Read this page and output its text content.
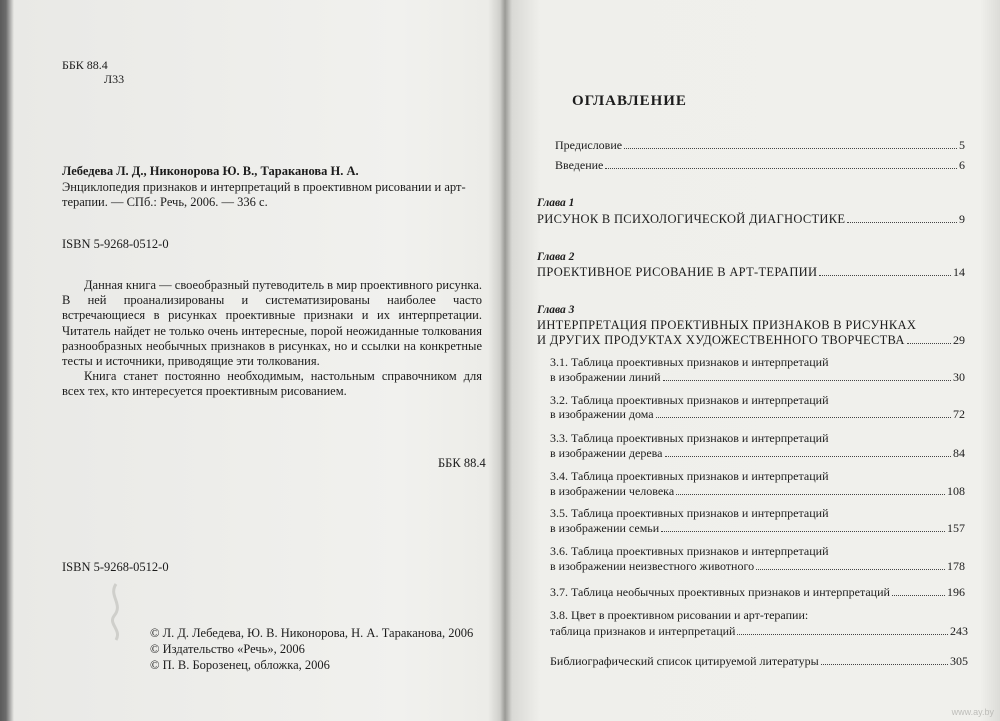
ББК 88.4
Л33
Лебедева Л. Д., Никонорова Ю. В., Тараканова Н. А.
Энциклопедия признаков и интерпретаций в проективном рисовании и арт-терапии. — СПб.: Речь, 2006. — 336 с.
ISBN 5-9268-0512-0

Данная книга — своеобразный путеводитель в мир проективного рисунка. В ней проанализированы и систематизированы наиболее часто встречающиеся в рисунках проективные признаки и их интерпретации. Читатель найдет не только очень интересные, порой неожиданные толкования разнообразных необычных признаков в рисунках, но и ссылки на конкретные тесты и источники, приводящие эти толкования.

Книга станет постоянно необходимым, настольным справочником для всех тех, кто интересуется проективным рисованием.

ББК 88.4
ISBN 5-9268-0512-0
© Л. Д. Лебедева, Ю. В. Никонорова, Н. А. Тараканова, 2006
© Издательство «Речь», 2006
© П. В. Борозенец, обложка, 2006
ОГЛАВЛЕНИЕ
Предисловие	5
Введение	6
Глава 1
РИСУНОК В ПСИХОЛОГИЧЕСКОЙ ДИАГНОСТИКЕ	9
Глава 2
ПРОЕКТИВНОЕ РИСОВАНИЕ В АРТ-ТЕРАПИИ	14
Глава 3
ИНТЕРПРЕТАЦИЯ ПРОЕКТИВНЫХ ПРИЗНАКОВ В РИСУНКАХ
И ДРУГИХ ПРОДУКТАХ ХУДОЖЕСТВЕННОГО ТВОРЧЕСТВА	29
3.1. Таблица проективных признаков и интерпретаций
в изображении линий	30
3.2. Таблица проективных признаков и интерпретаций
в изображении дома	72
3.3. Таблица проективных признаков и интерпретаций
в изображении дерева	84
3.4. Таблица проективных признаков и интерпретаций
в изображении человека	108
3.5. Таблица проективных признаков и интерпретаций
в изображении семьи	157
3.6. Таблица проективных признаков и интерпретаций
в изображении неизвестного животного	178
3.7. Таблица необычных проективных признаков и интерпретаций	196
3.8. Цвет в проективном рисовании и арт-терапии:
таблица признаков и интерпретаций	243
Библиографический список цитируемой литературы	305
www.ay.by
